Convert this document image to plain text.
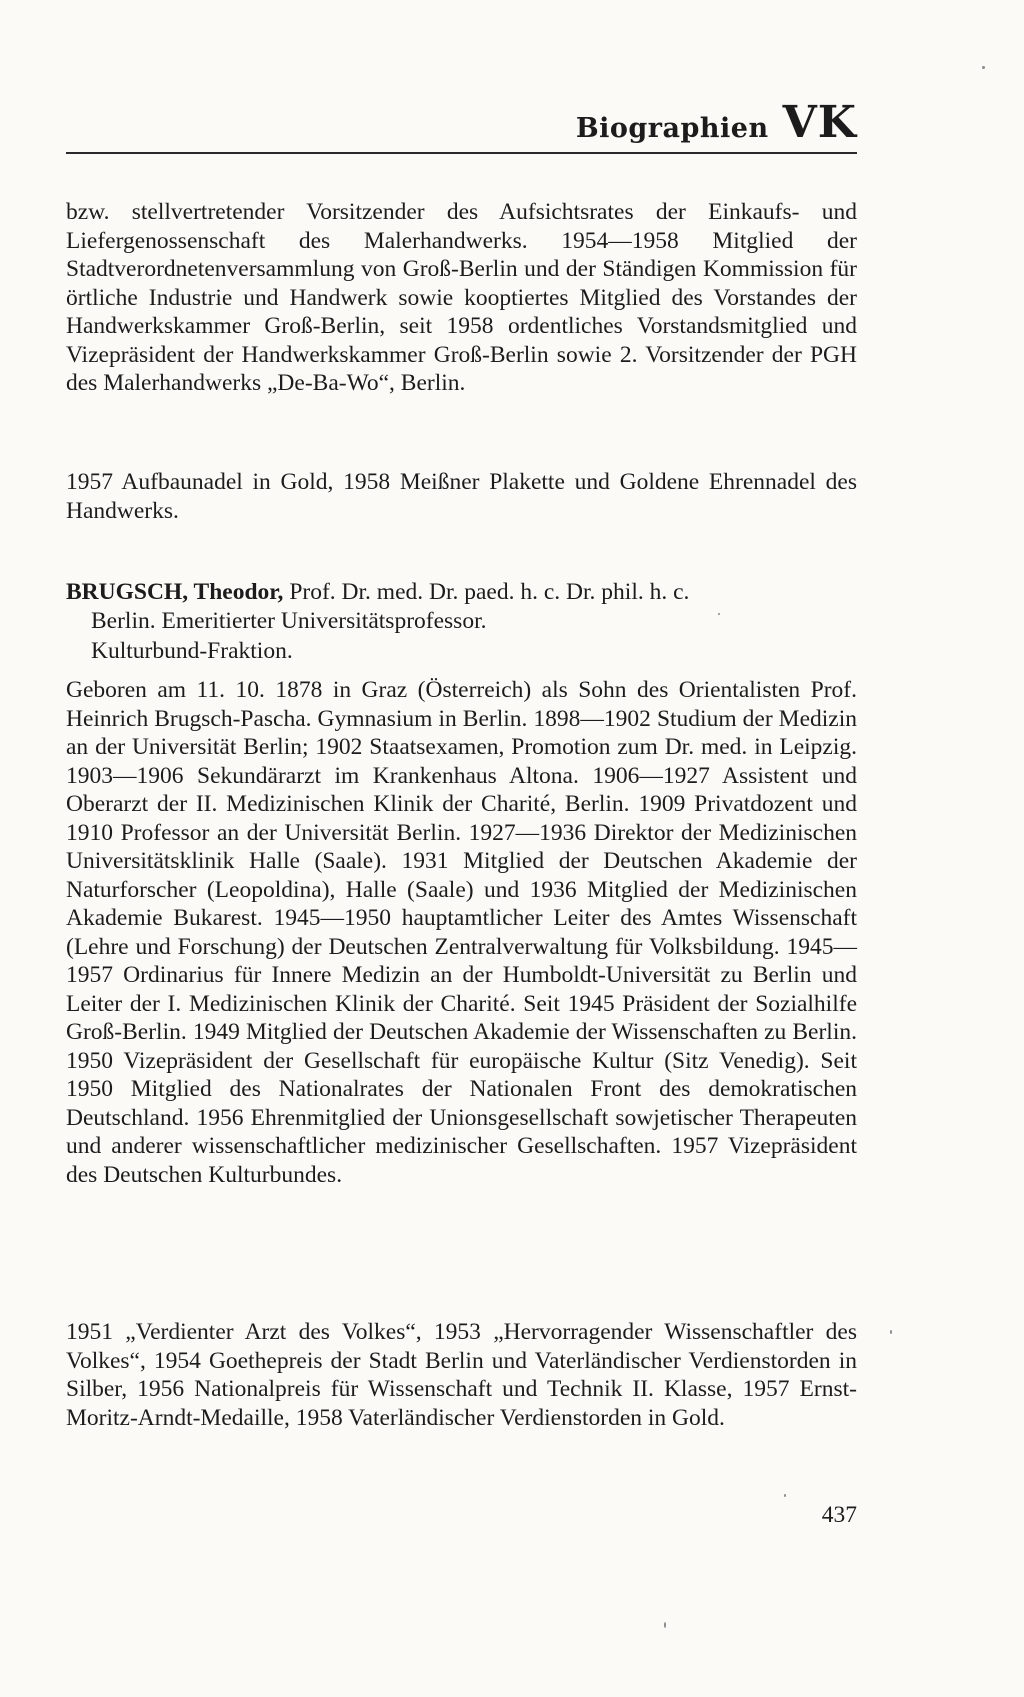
Biographien VK
bzw. stellvertretender Vorsitzender des Aufsichtsrates der Einkaufs- und Liefergenossenschaft des Malerhandwerks. 1954—1958 Mitglied der Stadtverordnetenversammlung von Groß-Berlin und der Ständigen Kommission für örtliche Industrie und Handwerk sowie kooptiertes Mitglied des Vorstandes der Handwerkskammer Groß-Berlin, seit 1958 ordentliches Vorstandsmitglied und Vizepräsident der Handwerkskammer Groß-Berlin sowie 2. Vorsitzender der PGH des Malerhandwerks „De-Ba-Wo“, Berlin.
1957 Aufbaunadel in Gold, 1958 Meißner Plakette und Goldene Ehrennadel des Handwerks.
BRUGSCH, Theodor, Prof. Dr. med. Dr. paed. h. c. Dr. phil. h. c.
Berlin. Emeritierter Universitätsprofessor.
Kulturbund-Fraktion.
Geboren am 11. 10. 1878 in Graz (Österreich) als Sohn des Orientalisten Prof. Heinrich Brugsch-Pascha. Gymnasium in Berlin. 1898—1902 Studium der Medizin an der Universität Berlin; 1902 Staatsexamen, Promotion zum Dr. med. in Leipzig. 1903—1906 Sekundärarzt im Krankenhaus Altona. 1906—1927 Assistent und Oberarzt der II. Medizinischen Klinik der Charité, Berlin. 1909 Privatdozent und 1910 Professor an der Universität Berlin. 1927—1936 Direktor der Medizinischen Universitätsklinik Halle (Saale). 1931 Mitglied der Deutschen Akademie der Naturforscher (Leopoldina), Halle (Saale) und 1936 Mitglied der Medizinischen Akademie Bukarest. 1945—1950 hauptamtlicher Leiter des Amtes Wissenschaft (Lehre und Forschung) der Deutschen Zentralverwaltung für Volksbildung. 1945—1957 Ordinarius für Innere Medizin an der Humboldt-Universität zu Berlin und Leiter der I. Medizinischen Klinik der Charité. Seit 1945 Präsident der Sozialhilfe Groß-Berlin. 1949 Mitglied der Deutschen Akademie der Wissenschaften zu Berlin. 1950 Vizepräsident der Gesellschaft für europäische Kultur (Sitz Venedig). Seit 1950 Mitglied des Nationalrates der Nationalen Front des demokratischen Deutschland. 1956 Ehrenmitglied der Unionsgesellschaft sowjetischer Therapeuten und anderer wissenschaftlicher medizinischer Gesellschaften. 1957 Vizepräsident des Deutschen Kulturbundes.
1951 „Verdienter Arzt des Volkes“, 1953 „Hervorragender Wissenschaftler des Volkes“, 1954 Goethepreis der Stadt Berlin und Vaterländischer Verdienstorden in Silber, 1956 Nationalpreis für Wissenschaft und Technik II. Klasse, 1957 Ernst-Moritz-Arndt-Medaille, 1958 Vaterländischer Verdienstorden in Gold.
437
